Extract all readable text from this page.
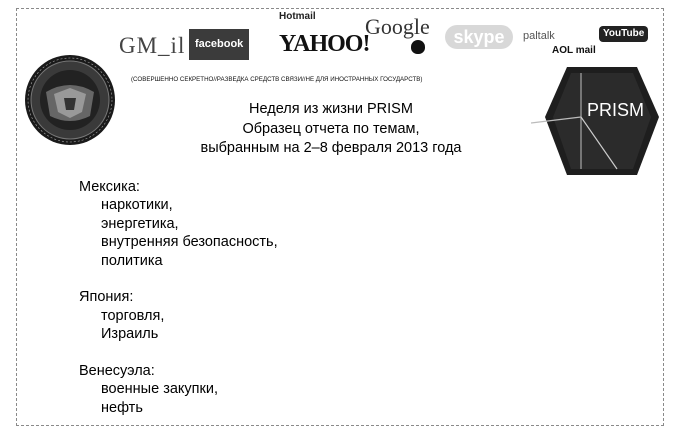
GM_il facebook
Hotmail
YAHOO!
Google	skype	paltalk	YouTube
AOL mail
(СОВЕРШЕННО СЕКРЕТНО//РАЗВЕДКА СРЕДСТВ СВЯЗИ//НЕ ДЛЯ ИНОСТРАННЫХ ГОСУДАРСТВ)
Неделя из жизни PRISM
Образец отчета по темам,
выбранным на 2–8 февраля 2013 года
PRISM
Мексика:
наркотики,
энергетика,
внутренняя безопасность,
политика
Япония:
торговля,
Израиль
Венесуэла:
военные закупки,
нефть
